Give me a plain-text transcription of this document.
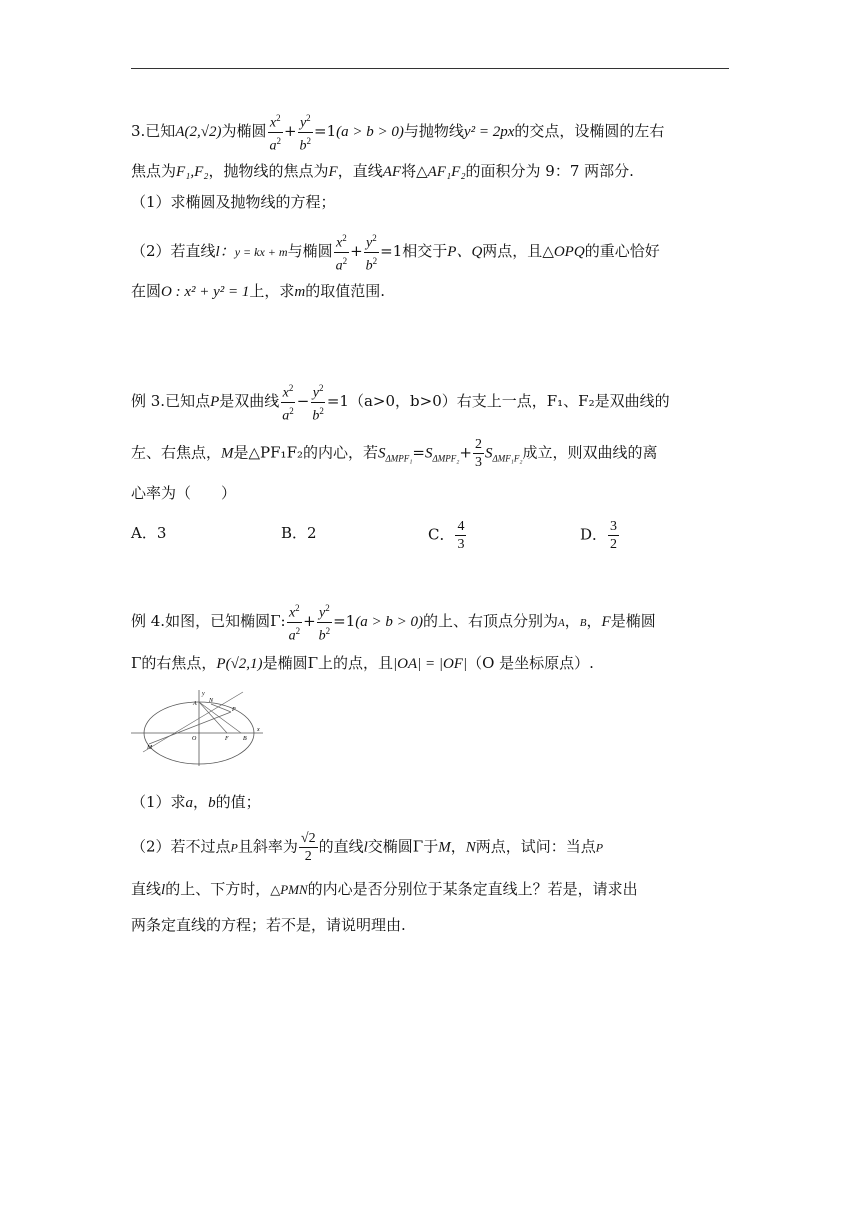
3.已知A(2,√2)为椭圆 $\frac{x^2}{a^2} + \frac{y^2}{b^2} =1(a > b > 0)$与抛物线y² = 2px的交点，设椭圆的左右
焦点为F₁,F₂，抛物线的焦点为F，直线AF将△AF₁F₂的面积分为 9：7 两部分.
（1）求椭圆及抛物线的方程；
（2）若直线l：y = kx + m与椭圆 $\frac{x^2}{a^2} + \frac{y^2}{b^2} =1$相交于P、Q两点，且△OPQ的重心恰好
在圆O : x² + y² = 1上，求m的取值范围.
例 3.已知点P是双曲线 $\frac{x^2}{a^2} - \frac{y^2}{b^2} =1(a>0$，b>0）右支上一点，F₁、F₂是双曲线的
左、右焦点，M是△PF₁F₂的内心，若$S_{\Delta MPF_1}=S_{\Delta MPF_2}+ \frac{2}{3} S_{\Delta MF_1F_2}$成立，则双曲线的离
心率为（　　）
A．3	B．2	C． $\frac{4}{3}$	D． $\frac{3}{2}$
例 4.如图，已知椭圆Γ: $\frac{x^2}{a^2} + \frac{y^2}{b^2} =1(a > b > 0)$的上、右顶点分别为A，B，F是椭圆
Γ的右焦点，P(√2,1)是椭圆Γ上的点，且|OA| = |OF|（O 是坐标原点）.
y
x
O	F B
M
A N
P
（1）求a，b的值；
（2）若不过点P且斜率为 $\frac{√2}{2}$ 的直线l交椭圆Γ于M，N两点，试问：当点P
直线l的上、下方时，△PMN的内心是否分别位于某条定直线上？若是，请求出
两条定直线的方程；若不是，请说明理由.
